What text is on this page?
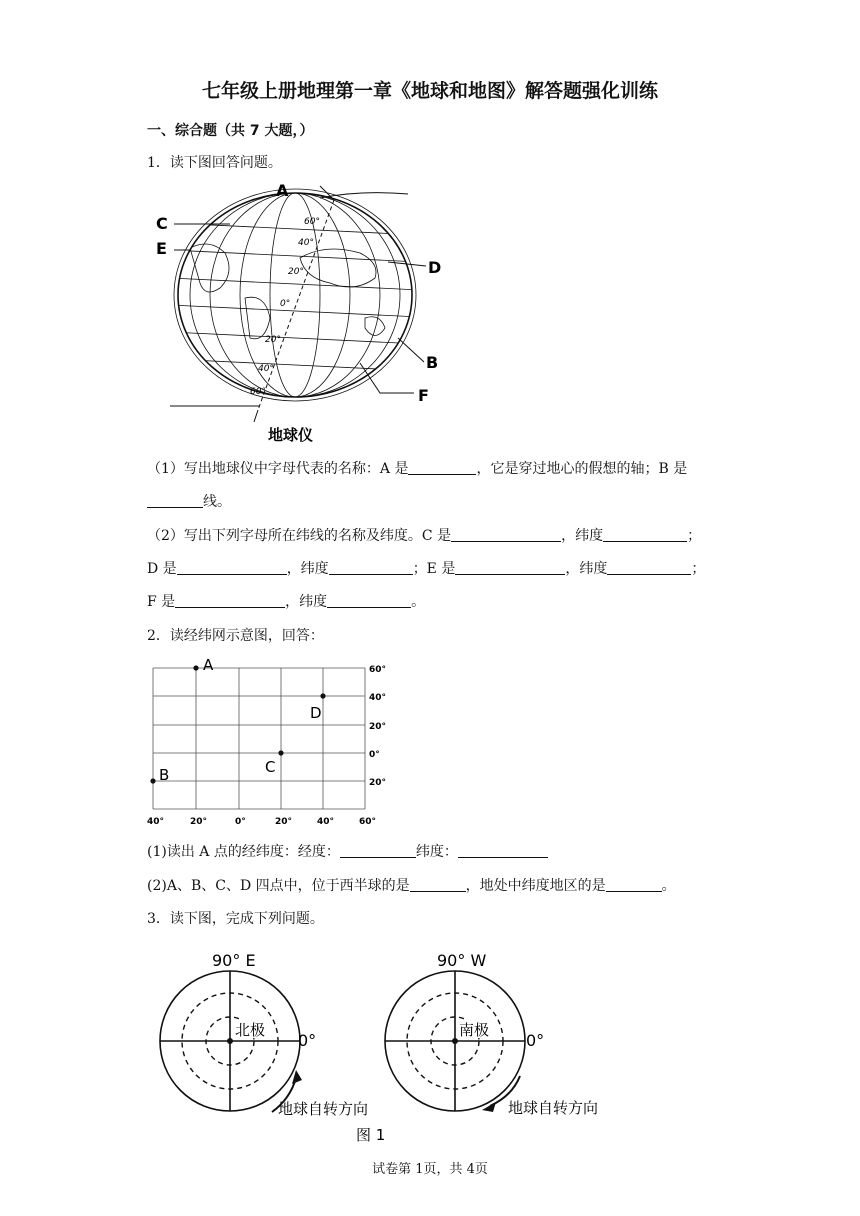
七年级上册地理第一章《地球和地图》解答题强化训练
一、综合题（共 7 大题，）
1．读下图回答问题。
A
C
E
D
B
F
60°
40°
20°
0°
20°
40°
60°
地球仪
（1）写出地球仪中字母代表的名称：A 是	，它是穿过地心的假想的轴；B 是
线。
（2）写出下列字母所在纬线的名称及纬度。C 是	，纬度	；
D 是	，纬度	；E 是	，纬度	；
F 是	，纬度	。
2．读经纬网示意图，回答：
A
B	C
D
60°
40°
20°
0°
20°
40°	20°	0°	20°	40°	60°
(1)读出 A 点的经纬度：经度：	纬度：
(2)A、B、C、D 四点中，位于西半球的是	，地处中纬度地区的是	。
3．读下图，完成下列问题。
北极
90° E
0°
地球自转方向
南极
90° W
0°
地球自转方向
图 1
试卷第 1页，共 4页
